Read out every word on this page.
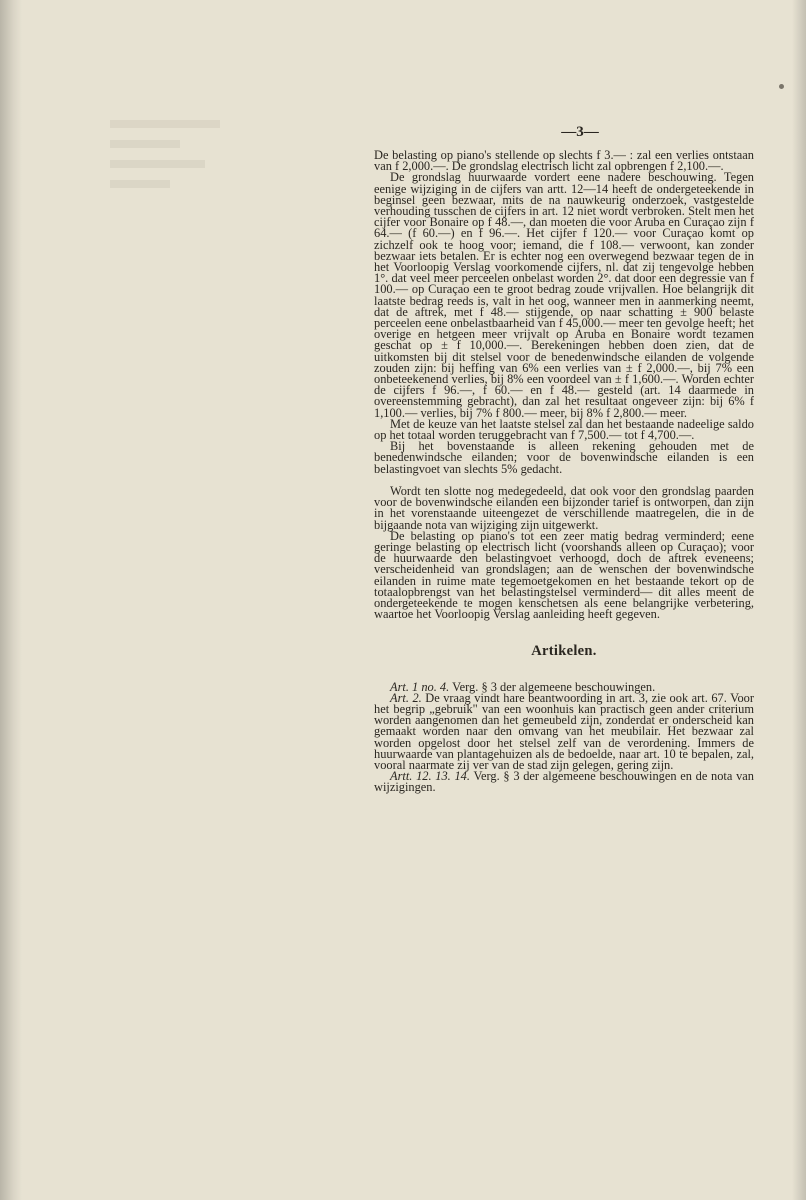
—3—

De belasting op piano's stellende op slechts f 3.— : zal een verlies ontstaan van f 2,000.—. De grondslag electrisch licht zal opbrengen f 2,100.—.

De grondslag huurwaarde vordert eene nadere beschouwing. Tegen eenige wijziging in de cijfers van artt. 12—14 heeft de ondergeteekende in beginsel geen bezwaar, mits de na nauwkeurig onderzoek, vastgestelde verhouding tusschen de cijfers in art. 12 niet wordt verbroken. Stelt men het cijfer voor Bonaire op f 48.—, dan moeten die voor Aruba en Curaçao zijn f 64.— (f 60.—) en f 96.—. Het cijfer f 120.— voor Curaçao komt op zichzelf ook te hoog voor; iemand, die f 108.— verwoont, kan zonder bezwaar iets betalen. Er is echter nog een overwegend bezwaar tegen de in het Voorloopig Verslag voorkomende cijfers, nl. dat zij tengevolge hebben 1°. dat veel meer perceelen onbelast worden 2°. dat door een degressie van f 100.— op Curaçao een te groot bedrag zoude vrijvallen. Hoe belangrijk dit laatste bedrag reeds is, valt in het oog, wanneer men in aanmerking neemt, dat de aftrek, met f 48.— stijgende, op naar schatting ± 900 belaste perceelen eene onbelastbaarheid van f 45,000.— meer ten gevolge heeft; het overige en hetgeen meer vrijvalt op Aruba en Bonaire wordt tezamen geschat op ± f 10,000.—. Berekeningen hebben doen zien, dat de uitkomsten bij dit stelsel voor de benedenwindsche eilanden de volgende zouden zijn: bij heffing van 6% een verlies van ± f 2,000.—, bij 7% een onbeteekenend verlies, bij 8% een voordeel van ± f 1,600.—. Worden echter de cijfers f 96.—, f 60.— en f 48.— gesteld (art. 14 daarmede in overeenstemming gebracht), dan zal het resultaat ongeveer zijn: bij 6% f 1,100.— verlies, bij 7% f 800.— meer, bij 8% f 2,800.— meer.

Met de keuze van het laatste stelsel zal dan het bestaande nadeelige saldo op het totaal worden teruggebracht van f 7,500.— tot f 4,700.—.

Bij het bovenstaande is alleen rekening gehouden met de benedenwindsche eilanden; voor de bovenwindsche eilanden is een belastingvoet van slechts 5% gedacht.

Wordt ten slotte nog medegedeeld, dat ook voor den grondslag paarden voor de bovenwindsche eilanden een bijzonder tarief is ontworpen, dan zijn in het vorenstaande uiteengezet de verschillende maatregelen, die in de bijgaande nota van wijziging zijn uitgewerkt.

De belasting op piano's tot een zeer matig bedrag verminderd; eene geringe belasting op electrisch licht (voorshands alleen op Curaçao); voor de huurwaarde den belastingvoet verhoogd, doch de aftrek eveneens; verscheidenheid van grondslagen; aan de wenschen der bovenwindsche eilanden in ruime mate tegemoetgekomen en het bestaande tekort op de totaalopbrengst van het belastingstelsel verminderd— dit alles meent de ondergeteekende te mogen kenschetsen als eene belangrijke verbetering, waartoe het Voorloopig Verslag aanleiding heeft gegeven.

Artikelen.

Art. 1 no. 4. Verg. § 3 der algemeene beschouwingen.

Art. 2. De vraag vindt hare beantwoording in art. 3, zie ook art. 67. Voor het begrip „gebruik" van een woonhuis kan practisch geen ander criterium worden aangenomen dan het gemeubeld zijn, zonderdat er onderscheid kan gemaakt worden naar den omvang van het meubilair. Het bezwaar zal worden opgelost door het stelsel zelf van de verordening. Immers de huurwaarde van plantagehuizen als de bedoelde, naar art. 10 te bepalen, zal, vooral naarmate zij ver van de stad zijn gelegen, gering zijn.

Artt. 12. 13. 14. Verg. § 3 der algemeene beschouwingen en de nota van wijzigingen.
